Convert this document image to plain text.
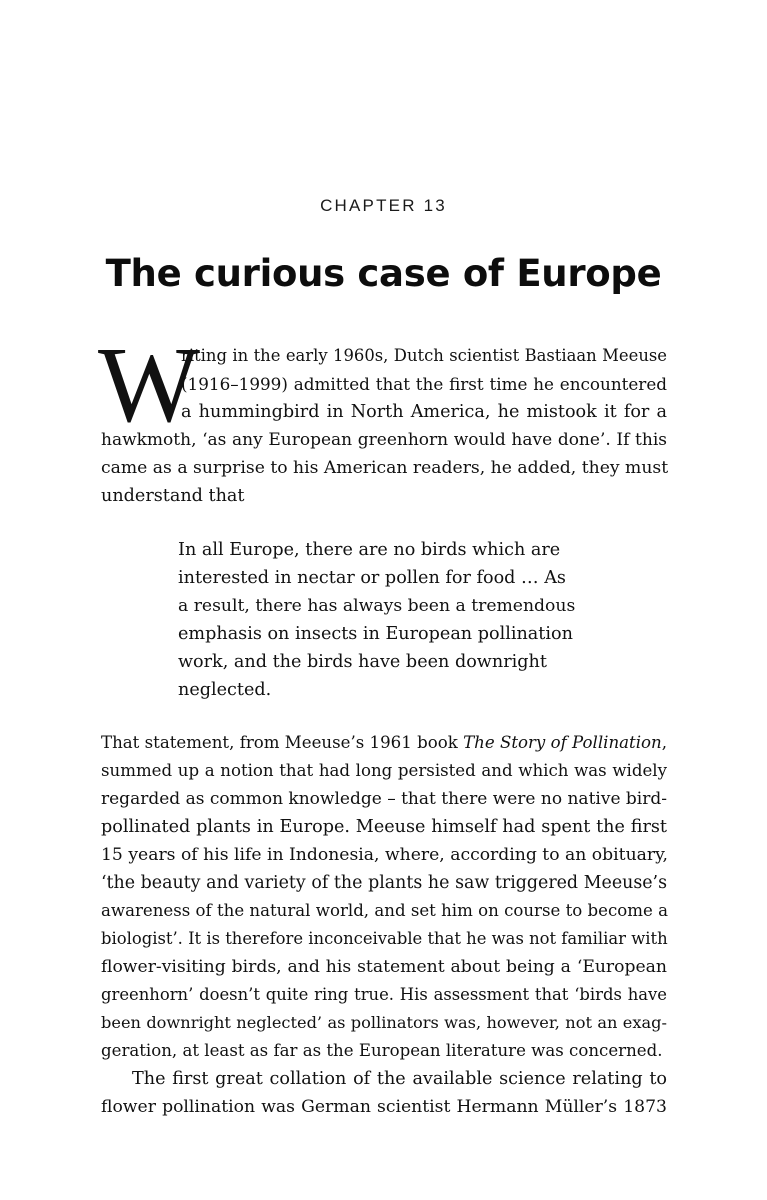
CHAPTER 13
The curious case of Europe
W
riting in the early 1960s, Dutch scientist Bastiaan Meeuse
(1916–1999) admitted that the first time he encountered
a hummingbird in North America, he mistook it for a
hawkmoth, ‘as any European greenhorn would have done’. If this
came as a surprise to his American readers, he added, they must
understand that
In all Europe, there are no birds which are
interested in nectar or pollen for food … As
a result, there has always been a tremendous
emphasis on insects in European pollination
work, and the birds have been downright
neglected.
That statement, from Meeuse’s 1961 book The Story of Pollination,
summed up a notion that had long persisted and which was widely
regarded as common knowledge – that there were no native bird-
pollinated plants in Europe. Meeuse himself had spent the first
15 years of his life in Indonesia, where, according to an obituary,
‘the beauty and variety of the plants he saw triggered Meeuse’s
awareness of the natural world, and set him on course to become a
biologist’. It is therefore inconceivable that he was not familiar with
flower-visiting birds, and his statement about being a ‘European
greenhorn’ doesn’t quite ring true. His assessment that ‘birds have
been downright neglected’ as pollinators was, however, not an exag-
geration, at least as far as the European literature was concerned.
The first great collation of the available science relating to
flower pollination was German scientist Hermann Müller’s 1873
